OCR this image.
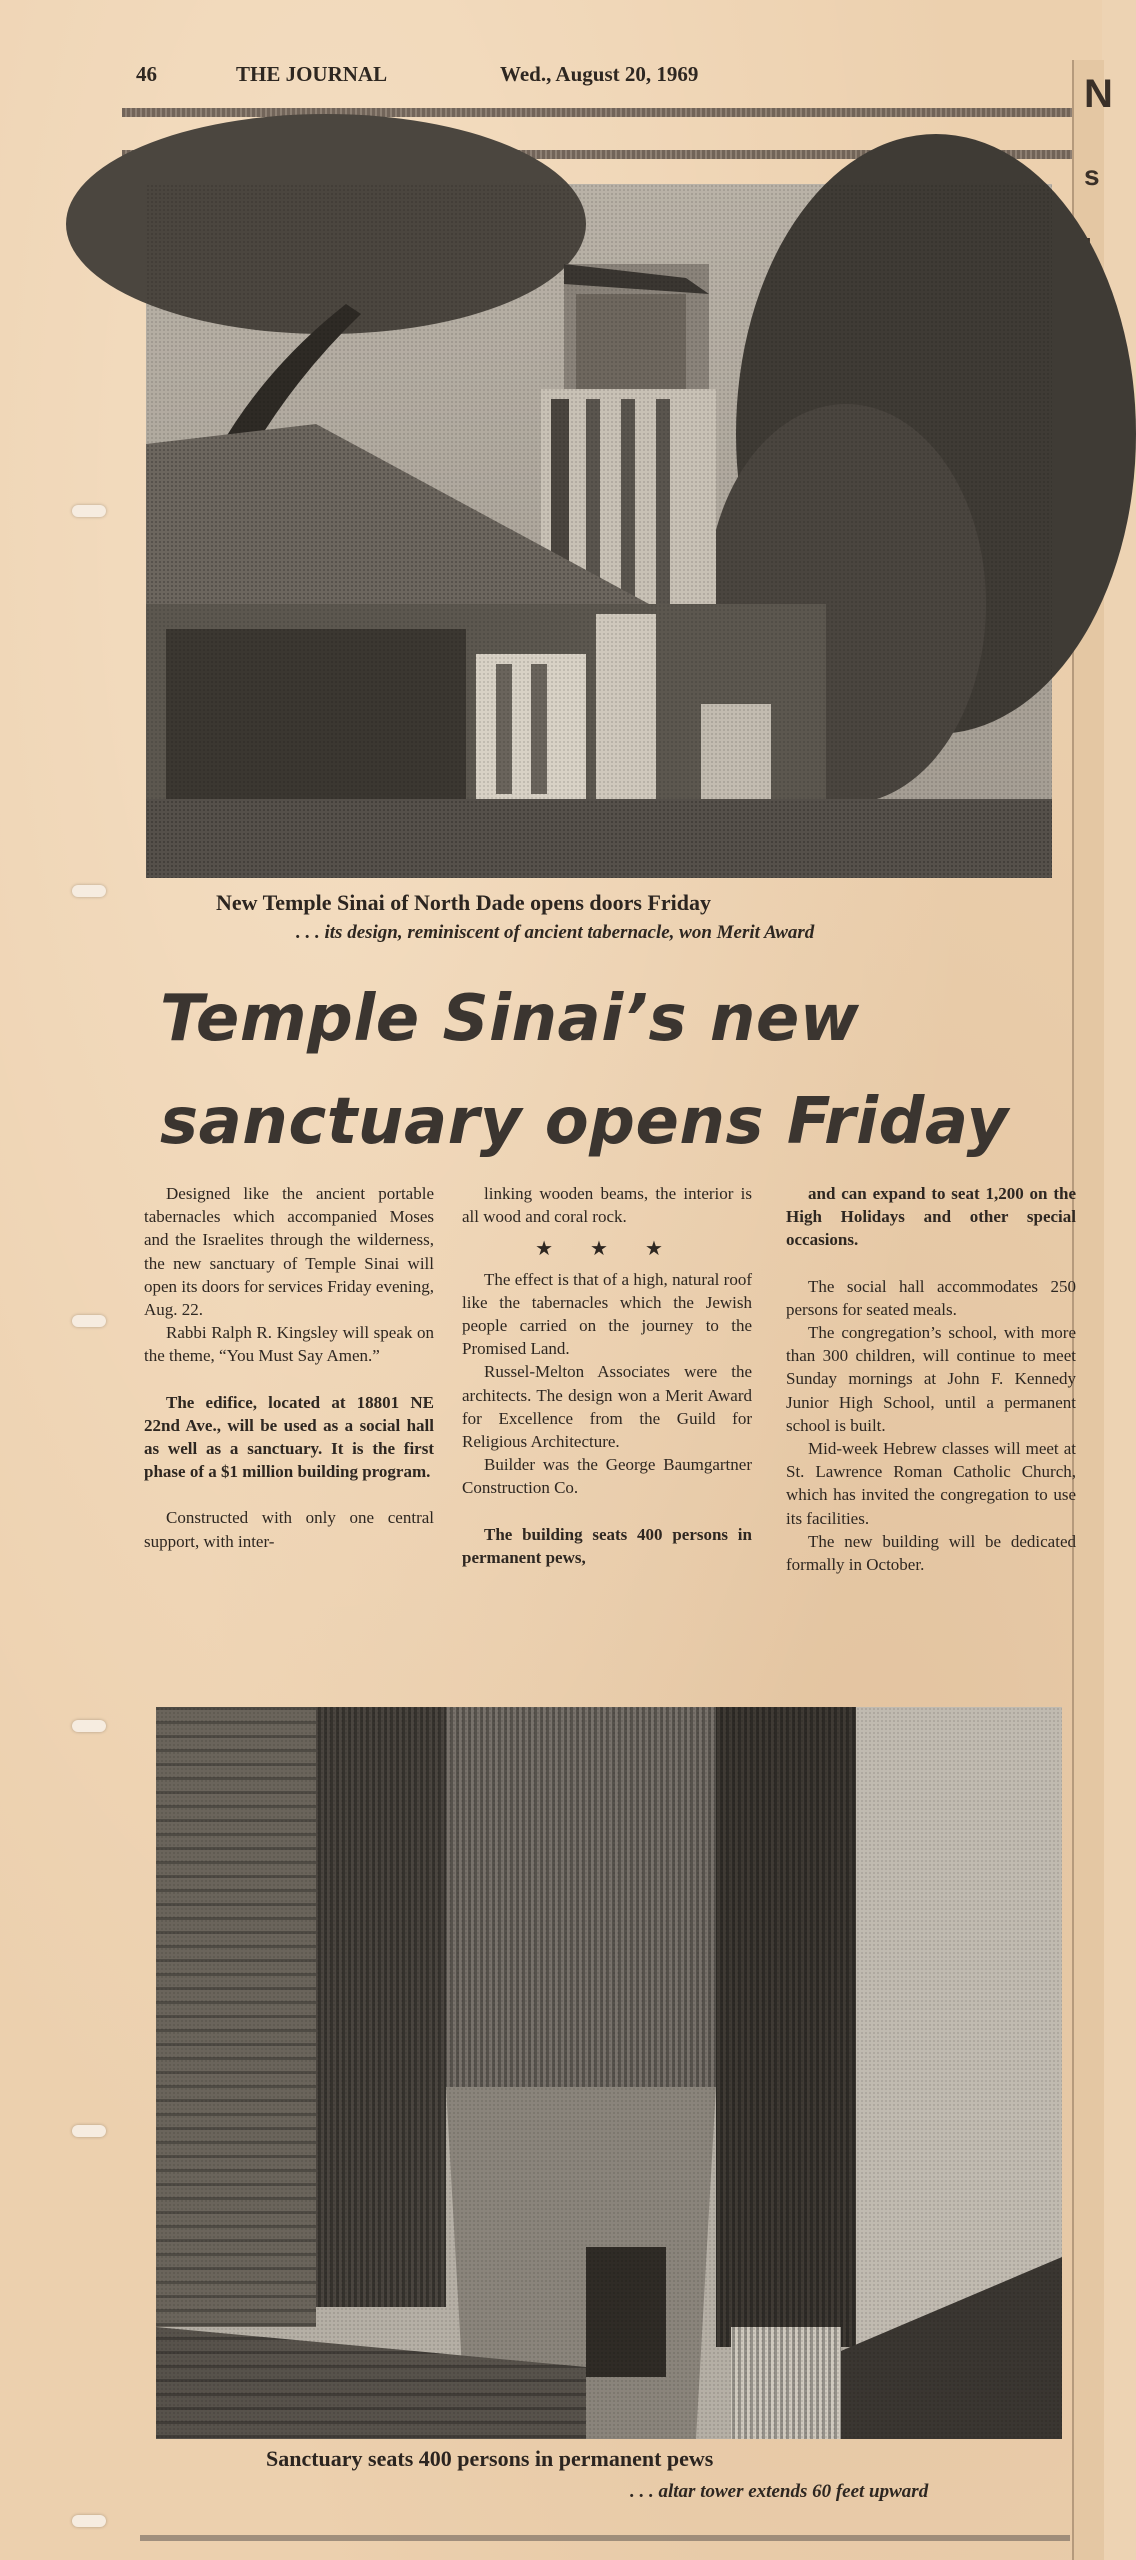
N
s
46	THE JOURNAL	Wed., August 20, 1969
New Temple Sinai of North Dade opens doors Friday
. . . its design, reminiscent of ancient tabernacle, won Merit Award
Temple Sinai’s new
sanctuary opens Friday

Designed like the ancient portable tabernacles which accompanied Moses and the Israelites through the wilderness, the new sanctuary of Temple Sinai will open its doors for services Friday evening, Aug. 22.

Rabbi Ralph R. Kingsley will speak on the theme, “You Must Say Amen.”

The edifice, located at 18801 NE 22nd Ave., will be used as a social hall as well as a sanctuary. It is the first phase of a $1 million building program.

Constructed with only one central support, with inter-

linking wooden beams, the interior is all wood and coral rock.

★ ★ ★

The effect is that of a high, natural roof like the tabernacles which the Jewish people carried on the journey to the Promised Land.

Russel-Melton Associates were the architects. The design won a Merit Award for Excellence from the Guild for Religious Architecture.

Builder was the George Baumgartner Construction Co.

The building seats 400 persons in permanent pews,

and can expand to seat 1,200 on the High Holidays and other special occasions.

The social hall accommodates 250 persons for seated meals.

The congregation’s school, with more than 300 children, will continue to meet Sunday mornings at John F. Kennedy Junior High School, until a permanent school is built.

Mid-week Hebrew classes will meet at St. Lawrence Roman Catholic Church, which has invited the congregation to use its facilities.

The new building will be dedicated formally in October.

Sanctuary seats 400 persons in permanent pews
. . . altar tower extends 60 feet upward
